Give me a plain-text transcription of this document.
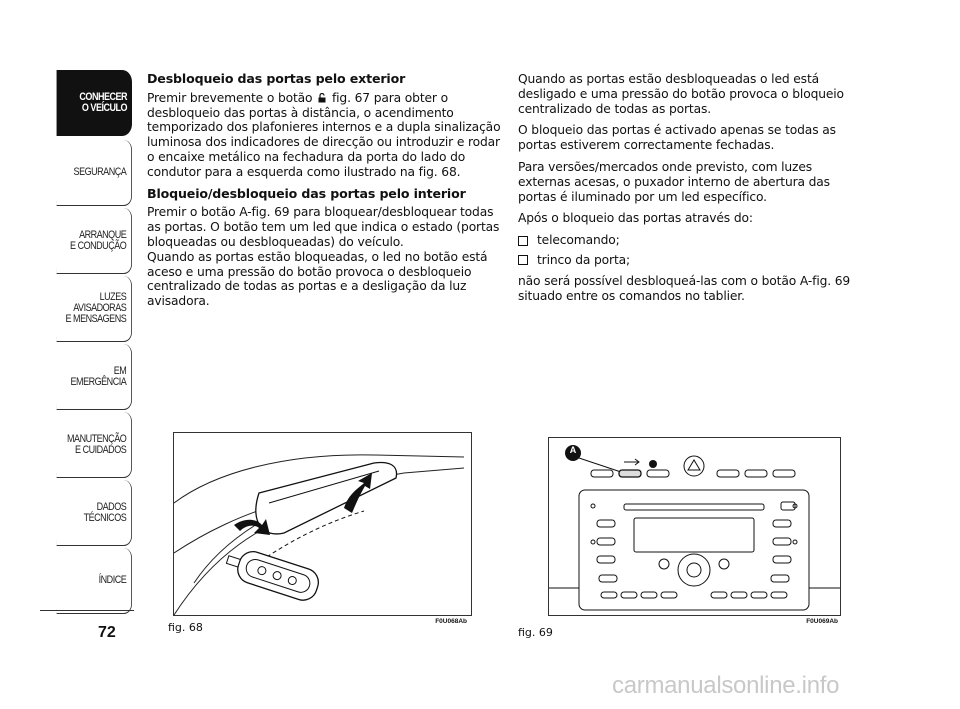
CONHECER
O VEÍCULO
SEGURANÇA
ARRANQUE
E CONDUÇÃO
LUZES
AVISADORAS
E MENSAGENS
EM EMERGÊNCIA
MANUTENÇÃO
E CUIDADOS
DADOS
TÉCNICOS
ÍNDICE
72
Desbloqueio das portas pelo exterior

Premir brevemente o botão fig. 67 para obter o desbloqueio das portas à distância, o acendimento temporizado dos plafonieres internos e a dupla sinalização luminosa dos indicadores de direcção ou introduzir e rodar o encaixe metálico na fechadura da porta do lado do condutor para a esquerda como ilustrado na fig. 68.

Bloqueio/desbloqueio das portas pelo interior

Premir o botão A-fig. 69 para bloquear/desbloquear todas as portas. O botão tem um led que indica o estado (portas bloqueadas ou desbloqueadas) do veículo.

Quando as portas estão bloqueadas, o led no botão está aceso e uma pressão do botão provoca o desbloqueio centralizado de todas as portas e a desligação da luz avisadora.

Quando as portas estão desbloqueadas o led está desligado e uma pressão do botão provoca o bloqueio centralizado de todas as portas.

O bloqueio das portas é activado apenas se todas as portas estiverem correctamente fechadas.

Para versões/mercados onde previsto, com luzes externas acesas, o puxador interno de abertura das portas é iluminado por um led específico.

Após o bloqueio das portas através do:

telecomando;
trinco da porta;

não será possível desbloqueá-las com o botão A-fig. 69 situado entre os comandos no tablier.

F0U068Ab
fig. 68
A
F0U069Ab
fig. 69
carmanualsonline.info
